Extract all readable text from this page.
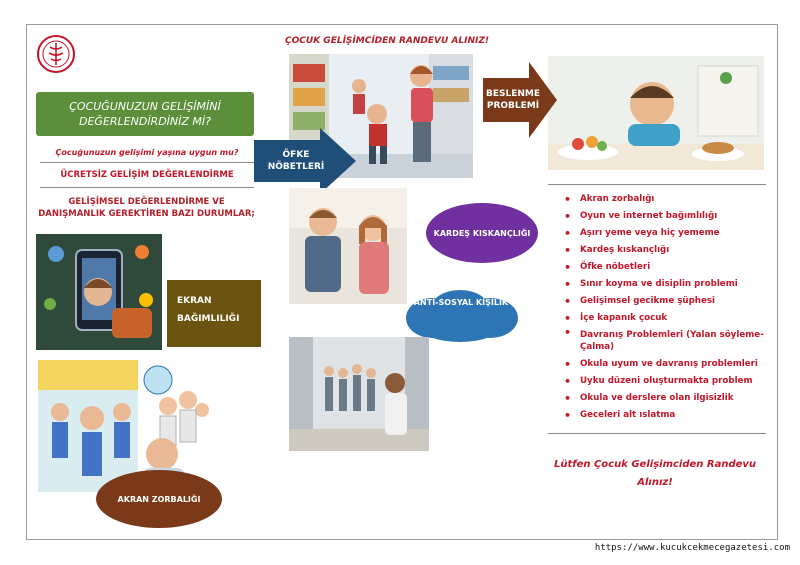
ÇOCUK GELİŞİMCİDEN RANDEVU ALINIZ!
ÇOCUĞUNUZUN GELİŞİMİNİ DEĞERLENDİRDİNİZ Mİ?
Çocuğunuzun gelişimi yaşına uygun mu?
ÜCRETSİZ GELİŞİM DEĞERLENDİRME
GELİŞİMSEL DEĞERLENDİRME VE DANIŞMANLIK GEREKTİREN BAZI DURUMLAR;
BESLENME PROBLEMİ
ÖFKE NÖBETLERİ
KARDEŞ KISKANÇLIĞI
ANTİ-SOSYAL KİŞİLİK
EKRAN BAĞIMLILIĞI
AKRAN ZORBALIĞI
• Akran zorbalığı
• Oyun ve internet bağımlılığı
• Aşırı yeme veya hiç yememe
• Kardeş kıskançlığı
• Öfke nöbetleri
• Sınır koyma ve disiplin problemi
• Gelişimsel gecikme şüphesi
• İçe kapanık çocuk
• Davranış Problemleri (Yalan söyleme-Çalma)
• Okula uyum ve davranış problemleri
• Uyku düzeni oluşturmakta problem
• Okula ve derslere olan ilgisizlik
• Geceleri alt ıslatma
Lütfen Çocuk Gelişimciden Randevu Alınız!
https://www.kucukcekmecegazetesi.com
